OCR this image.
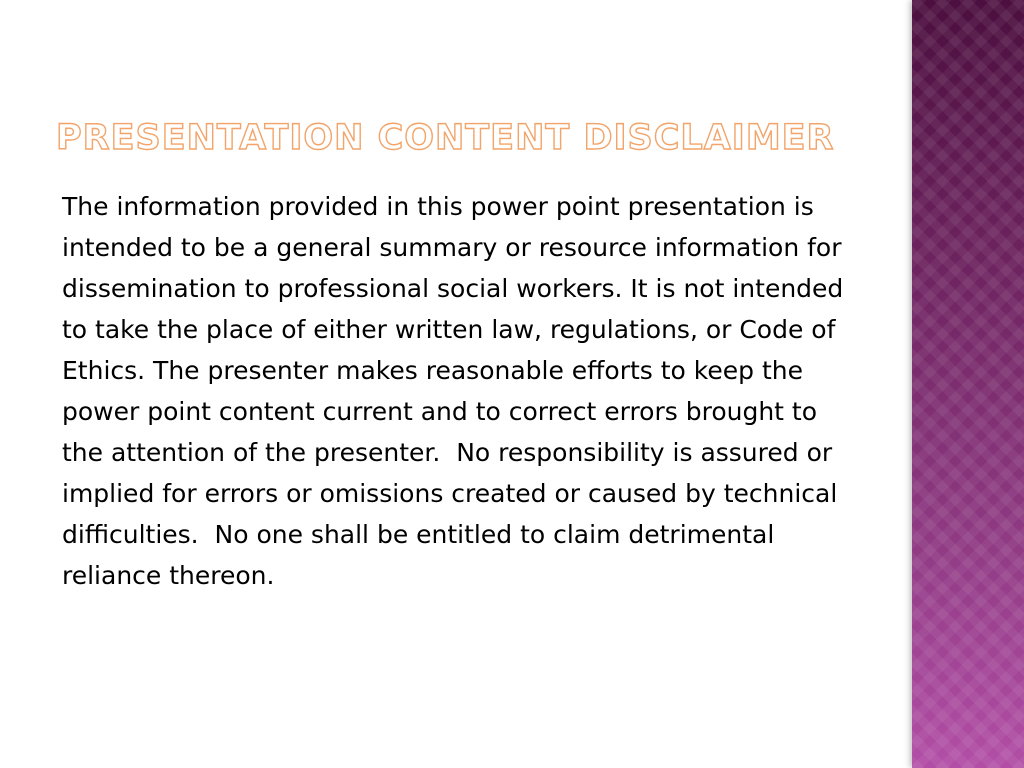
PRESENTATION CONTENT DISCLAIMER

The information provided in this power point presentation is intended to be a general summary or resource information for dissemination to professional social workers. It is not intended to take the place of either written law, regulations, or Code of Ethics. The presenter makes reasonable efforts to keep the power point content current and to correct errors brought to the attention of the presenter.  No responsibility is assured or implied for errors or omissions created or caused by technical difficulties.  No one shall be entitled to claim detrimental reliance thereon.
